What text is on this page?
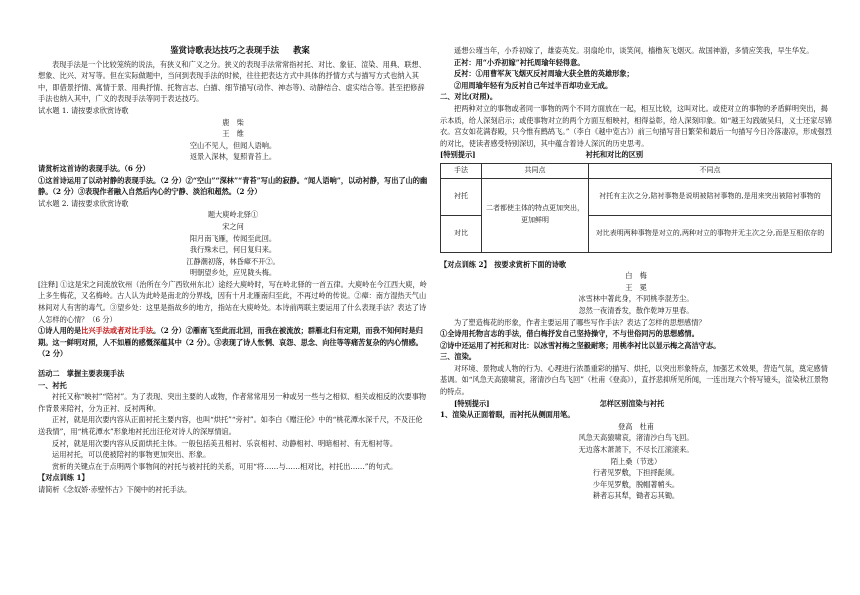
鉴赏诗歌表达技巧之表现手法 教案

表现手法是一个比较笼统的说法，有狭义和广义之分。狭义的表现手法常常指衬托、对比、象征、渲染、用典、联想、想象、比兴、对写等。但在实际做题中，当问到表现手法的时候，往往把表达方式中具体的抒情方式与描写方式也纳入其中，即借景抒情、寓情于景、用典抒情、托物言志、白描、细节描写(动作、神态等)、动静结合、虚实结合等。甚至把修辞手法也纳入其中，广义的表现手法等同于表达技巧。

试水题 1. 请按要求欣赏诗歌

鹿　柴

王　维

空山不见人，但闻人语响。

返景入深林，复照青苔上。

请赏析这首诗的表现手法。（6 分）

①这首诗运用了以动衬静的表现手法。（2 分）②“空山”“深林”“青苔”写山的寂静。“闻人语响”，以动衬静，写出了山的幽静。（2 分）③表现作者融入自然后内心的宁静、淡泊和超然。（2 分）

试水题 2. 请按要求欣赏诗歌

题大庾岭北驿①

宋之问

阳月南飞雁，传闻至此回。

我行殊未已，何日复归来。

江静潮初落，林昏瘴不开②。

明朝望乡处，应见陇头梅。

[注释] ①这是宋之问流放钦州（治所在今广西钦州东北）途经大庾岭时，写在岭北驿的一首五律。大庾岭在今江西大庾，岭上多生梅花，又名梅岭。古人认为此岭是南北的分界线，因有十月北雁南归至此，不再过岭的传说。②瘴：南方湿热天气山林间对人有害的毒气。③望乡处：这里是指故乡的地方，指站在大庾岭处。本诗前两联主要运用了什么表现手法？表达了诗人怎样的心情？（6 分）

①诗人用的是比兴手法或者对比手法。（2 分）②雁南飞至此而北回，而我在被流放；群雁北归有定期，而我不知何时是归期。这一鲜明对照，人不如雁的感慨深蕴其中（2 分）。③表现了诗人怅惘、哀怨、思念、向往等等痛苦复杂的内心情感。（2 分）

活动二　掌握主要表现手法

一、衬托

衬托又称“映衬”“陪衬”。为了表现、突出主要的人或物，作者常常用另一种或另一些与之相似、相关或相反的次要事物作背景来陪衬，分为正衬、反衬两种。

正衬，就是用次要内容从正面衬托主要内容，也叫“烘托”“旁衬”。如李白《赠汪伦》中的“桃花潭水深千尺，不及汪伦送我情”，用“桃花潭水”形象地衬托出汪伦对诗人的深厚情谊。

反衬，就是用次要内容从反面烘托主体。一般包括美丑相衬、乐哀相衬、动静相衬、明暗相衬、有无相衬等。

运用衬托，可以使被陪衬的事物更加突出、形象。

赏析的关键点在于点明两个事物间的衬托与被衬托的关系，可用“将……与……相对比，衬托出……”的句式。

【对点训练 1】

请简析《念奴娇·赤壁怀古》下阕中的衬托手法。

遥想公瑾当年，小乔初嫁了，雄姿英发。羽扇纶巾，谈笑间，樯橹灰飞烟灭。故国神游，多情应笑我，早生华发。

正衬：用“小乔初嫁”衬托周瑜年轻得意。

反衬：①用曹军灰飞烟灭反衬周瑜大获全胜的英雄形象；

②用周瑜年轻有为反衬自己年过半百却功业无成。

二、对比(对照)。

把两种对立的事物或者同一事物的两个不同方面放在一起，相互比较，这叫对比。或使对立的事物的矛盾鲜明突出，揭示本质，给人深刻启示；或使事物对立的两个方面互相映衬，相得益彰，给人深刻印象。如“越王勾践破吴归，义士还家尽锦衣。宫女如花满春殿，只今惟有鹧鸪飞。”（李白《越中览古》）前三句描写昔日繁荣和最后一句描写今日冷落凄凉，形成强烈的对比，使读者感受特别深切，其中蕴含着诗人深沉的历史思考。

[特别提示]	衬托和对比的区别

手法	共同点	不同点
衬托	二者都使主体的特点更加突出，更加鲜明	衬托有主次之分,陪衬事物是说明被陪衬事物的,是用来突出被陪衬事物的
对比		对比表明两种事物是对立的,两种对立的事物并无主次之分,而是互相依存的

【对点训练 2】　按要求赏析下面的诗歌

白　梅

王　冕

冰雪林中著此身，不同桃李混芳尘。

忽然一夜清香发，散作乾坤万里春。

为了塑造梅花的形象，作者主要运用了哪些写作手法？表达了怎样的思想感情？

①全诗用托物言志的手法，借白梅抒发自己坚持操守，不与世俗同污的思想感情。

②诗中还运用了衬托和对比：以冰雪衬梅之坚毅耐寒；用桃李衬比以显示梅之高洁守志。

三、渲染。

对环境、景物或人物的行为、心理进行浓墨重彩的描写、烘托，以突出形象特点，加强艺术效果，营造气氛，奠定感情基调。如“风急天高猿啸哀，渚清沙白鸟飞回”（杜甫《登高》），直抒悲抑所见所闻，一连出现六个特写镜头，渲染秋江景物的特点。

[特别提示]	怎样区别渲染与衬托

1、渲染从正面着眼，而衬托从侧面用笔。

登高　杜甫

风急天高猿啸哀，渚清沙白鸟飞回。

无边落木萧萧下，不尽长江滚滚来。

陌上桑（节选）

行者见罗敷，下担捋髭须。

少年见罗敷，脱帽著帩头。

耕者忘其犁，锄者忘其锄。
